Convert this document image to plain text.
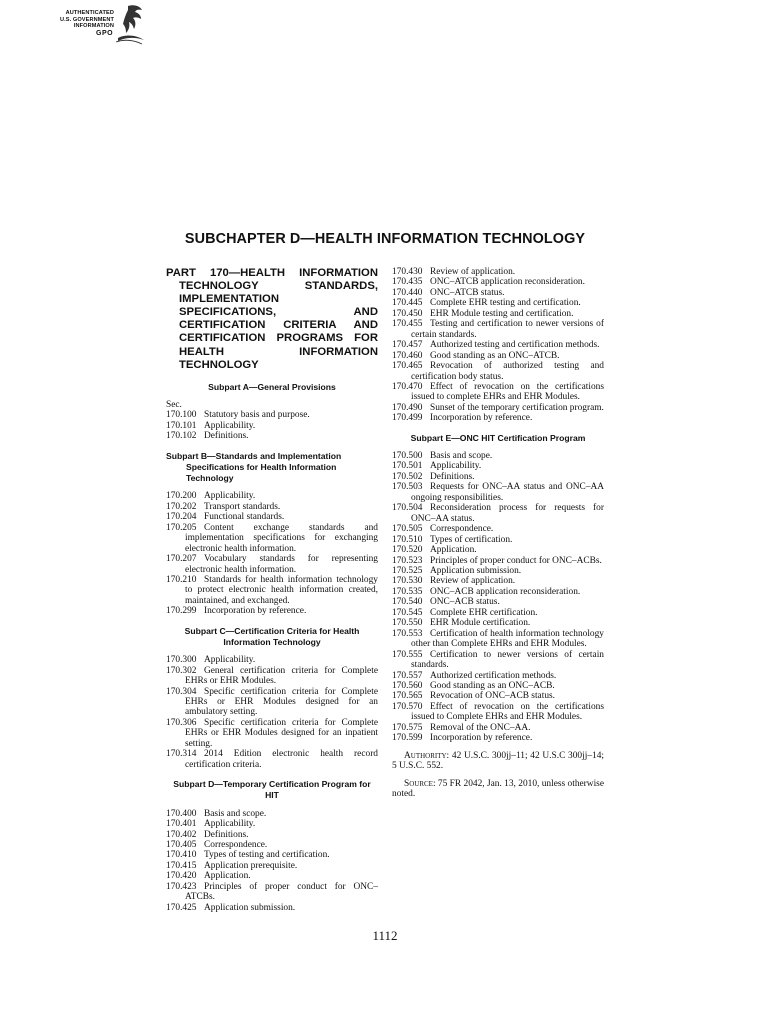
AUTHENTICATED
U.S. GOVERNMENT
INFORMATION
GPO
SUBCHAPTER D—HEALTH INFORMATION TECHNOLOGY
PART 170—HEALTH INFORMATION TECHNOLOGY STANDARDS, IMPLEMENTATION SPECIFICATIONS, AND CERTIFICATION CRITERIA AND CERTIFICATION PROGRAMS FOR HEALTH INFORMATION TECHNOLOGY
Subpart A—General Provisions
Sec.
170.100 Statutory basis and purpose.
170.101 Applicability.
170.102 Definitions.
Subpart B—Standards and Implementation Specifications for Health Information Technology
170.200 Applicability.
170.202 Transport standards.
170.204 Functional standards.
170.205 Content exchange standards and implementation specifications for exchanging electronic health information.
170.207 Vocabulary standards for representing electronic health information.
170.210 Standards for health information technology to protect electronic health information created, maintained, and exchanged.
170.299 Incorporation by reference.
Subpart C—Certification Criteria for Health Information Technology
170.300 Applicability.
170.302 General certification criteria for Complete EHRs or EHR Modules.
170.304 Specific certification criteria for Complete EHRs or EHR Modules designed for an ambulatory setting.
170.306 Specific certification criteria for Complete EHRs or EHR Modules designed for an inpatient setting.
170.314 2014 Edition electronic health record certification criteria.
Subpart D—Temporary Certification Program for HIT
170.400 Basis and scope.
170.401 Applicability.
170.402 Definitions.
170.405 Correspondence.
170.410 Types of testing and certification.
170.415 Application prerequisite.
170.420 Application.
170.423 Principles of proper conduct for ONC–ATCBs.
170.425 Application submission.
170.430 Review of application.
170.435 ONC–ATCB application reconsideration.
170.440 ONC–ATCB status.
170.445 Complete EHR testing and certification.
170.450 EHR Module testing and certification.
170.455 Testing and certification to newer versions of certain standards.
170.457 Authorized testing and certification methods.
170.460 Good standing as an ONC–ATCB.
170.465 Revocation of authorized testing and certification body status.
170.470 Effect of revocation on the certifications issued to complete EHRs and EHR Modules.
170.490 Sunset of the temporary certification program.
170.499 Incorporation by reference.
Subpart E—ONC HIT Certification Program
170.500 Basis and scope.
170.501 Applicability.
170.502 Definitions.
170.503 Requests for ONC–AA status and ONC–AA ongoing responsibilities.
170.504 Reconsideration process for requests for ONC–AA status.
170.505 Correspondence.
170.510 Types of certification.
170.520 Application.
170.523 Principles of proper conduct for ONC–ACBs.
170.525 Application submission.
170.530 Review of application.
170.535 ONC–ACB application reconsideration.
170.540 ONC–ACB status.
170.545 Complete EHR certification.
170.550 EHR Module certification.
170.553 Certification of health information technology other than Complete EHRs and EHR Modules.
170.555 Certification to newer versions of certain standards.
170.557 Authorized certification methods.
170.560 Good standing as an ONC–ACB.
170.565 Revocation of ONC–ACB status.
170.570 Effect of revocation on the certifications issued to Complete EHRs and EHR Modules.
170.575 Removal of the ONC–AA.
170.599 Incorporation by reference.

Authority: 42 U.S.C. 300jj–11; 42 U.S.C 300jj–14; 5 U.S.C. 552.

Source: 75 FR 2042, Jan. 13, 2010, unless otherwise noted.

1112
